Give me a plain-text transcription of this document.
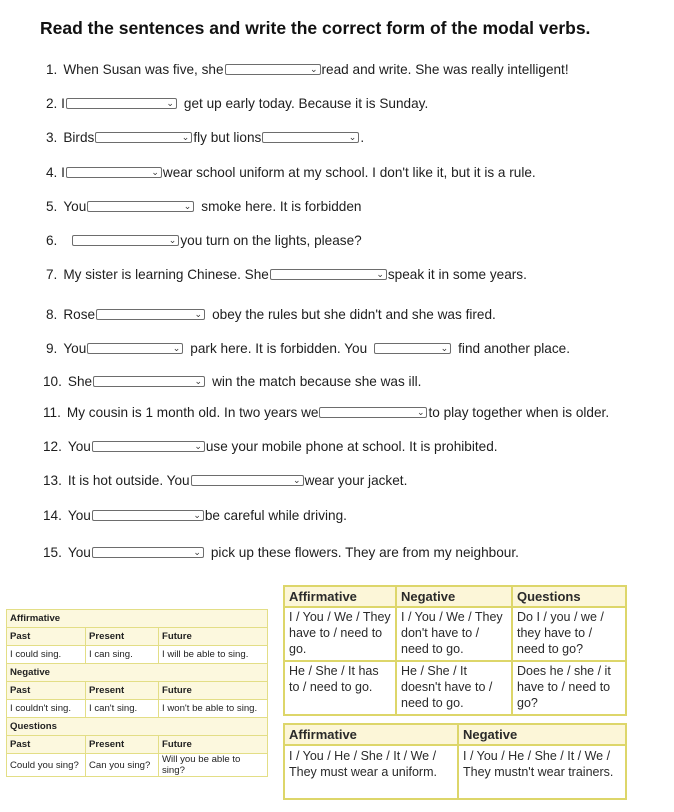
Read the sentences and write the correct form of the modal verbs.
1. When Susan was five, she	⌄ read and write. She was really intelligent!
2. I	⌄ get up early today. Because it is Sunday.
3. Birds	⌄ fly but lions	⌄ .
4. I	⌄ wear school uniform at my school. I don't like it, but it is a rule.
5. You	⌄ smoke here. It is forbidden
6.	⌄ you turn on the lights, please?
7. My sister is learning Chinese. She	⌄ speak it in some years.
8. Rose	⌄ obey the rules but she didn't and she was fired.
9. You	⌄ park here. It is forbidden. You	⌄ find another place.
10. She	⌄ win the match because she was ill.
11. My cousin is 1 month old. In two years we	⌄ to play together when is older.
12. You	⌄ use your mobile phone at school. It is prohibited.
13. It is hot outside. You	⌄ wear your jacket.
14. You	⌄ be careful while driving.
15. You	⌄ pick up these flowers. They are from my neighbour.
Affirmative	Negative	Questions
I / You / We / They have to / need to go.	I / You / We / They don't have to / need to go.	Do I / you / we / they have to / need to go?
He / She / It has to / need to go.	He / She / It doesn't have to / need to go.	Does he / she / it have to / need to go?
Affirmative	Negative
I / You / He / She / It / We / They must wear a uniform.	I / You / He / She / It / We / They mustn't wear trainers.
Affirmative		
Past	Present	Future
I could sing.	I can sing.	I will be able to sing.
Negative		
Past	Present	Future
I couldn't sing.	I can't sing.	I won't be able to sing.
Questions		
Past	Present	Future
Could you sing?	Can you sing?	Will you be able to sing?
